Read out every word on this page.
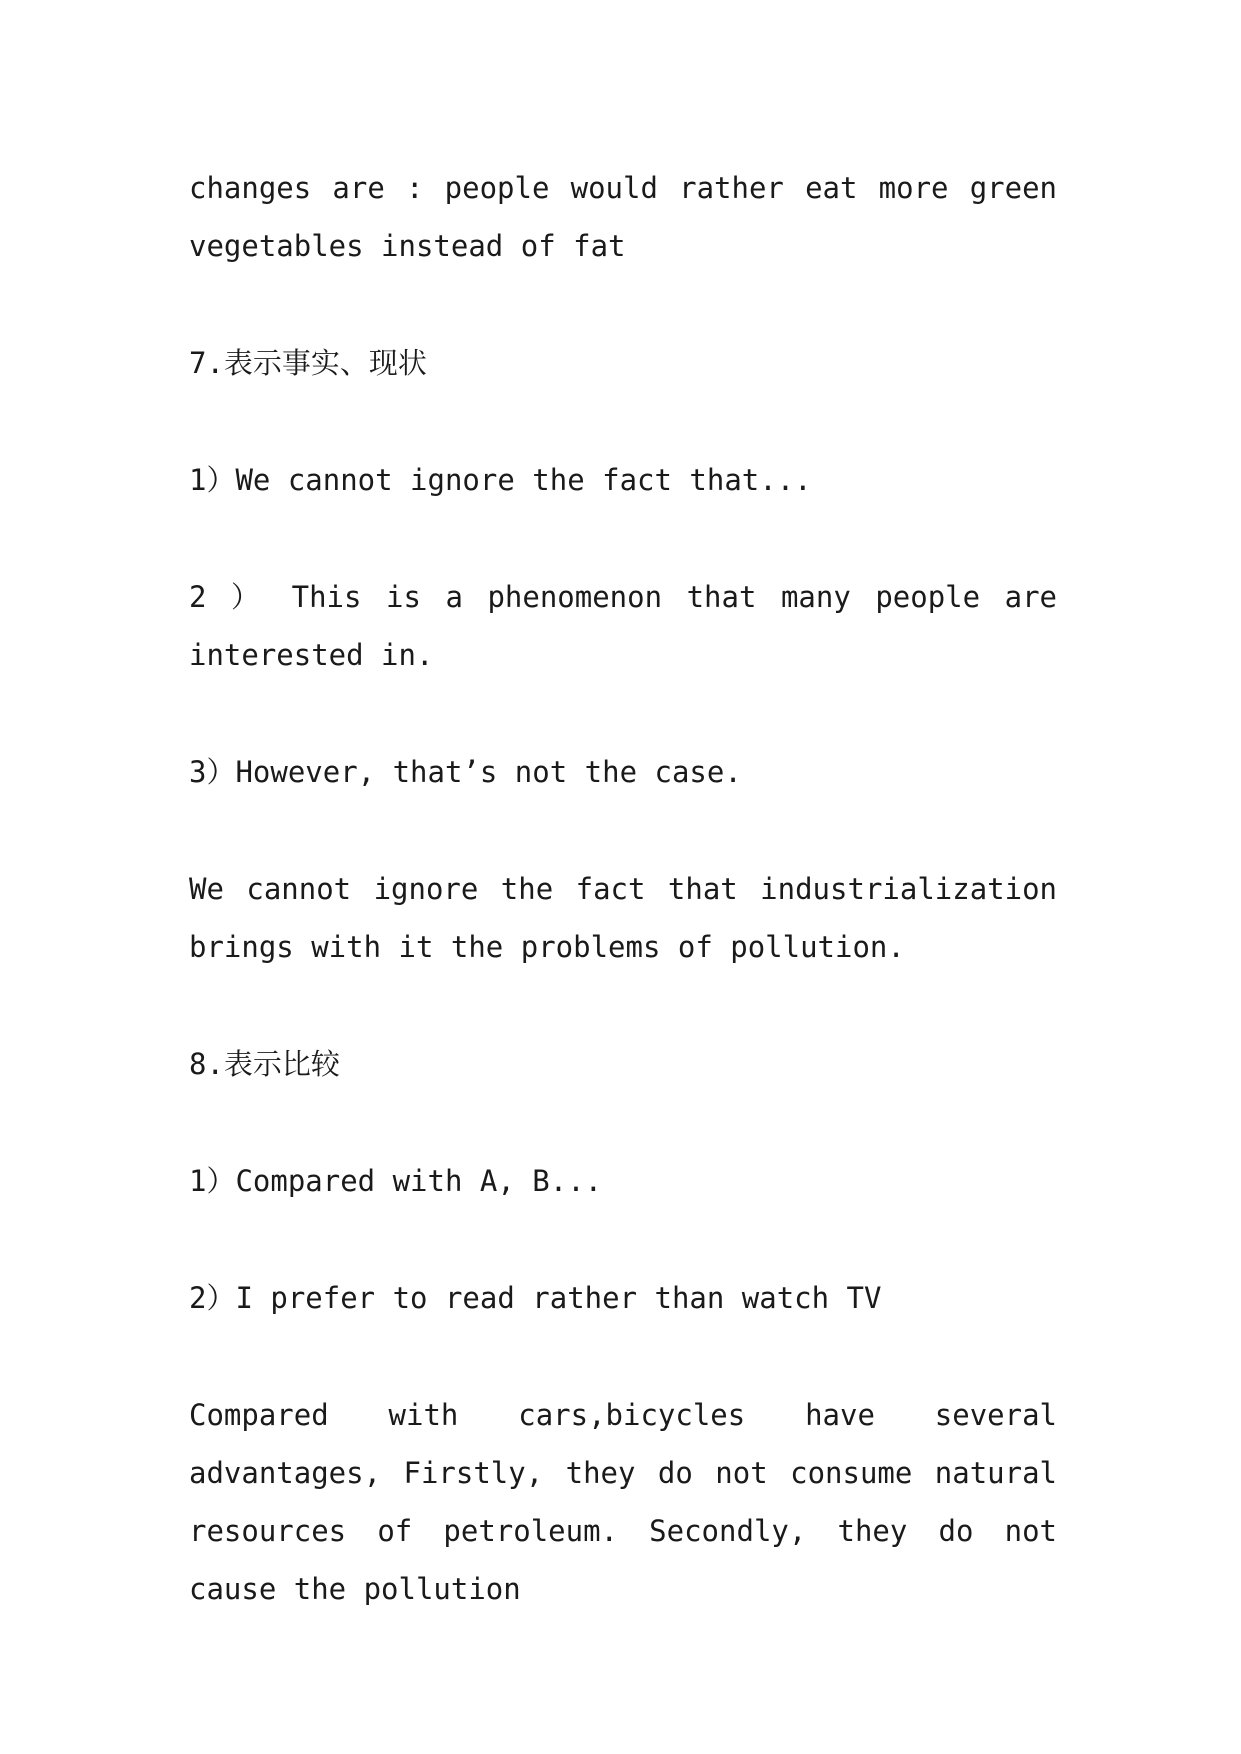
changes are : people would rather eat more green vegetables instead of fat

7.表示事实、现状

1）We cannot ignore the fact that...

2 ） This is a phenomenon that many people are interested in.

3）However, that’s not the case.

We cannot ignore the fact that industrialization brings with it the problems of pollution.

8.表示比较

1）Compared with A, B...

2）I prefer to read rather than watch TV

Compared with cars,bicycles have several advantages, Firstly, they do not consume natural resources of petroleum. Secondly, they do not cause the pollution
